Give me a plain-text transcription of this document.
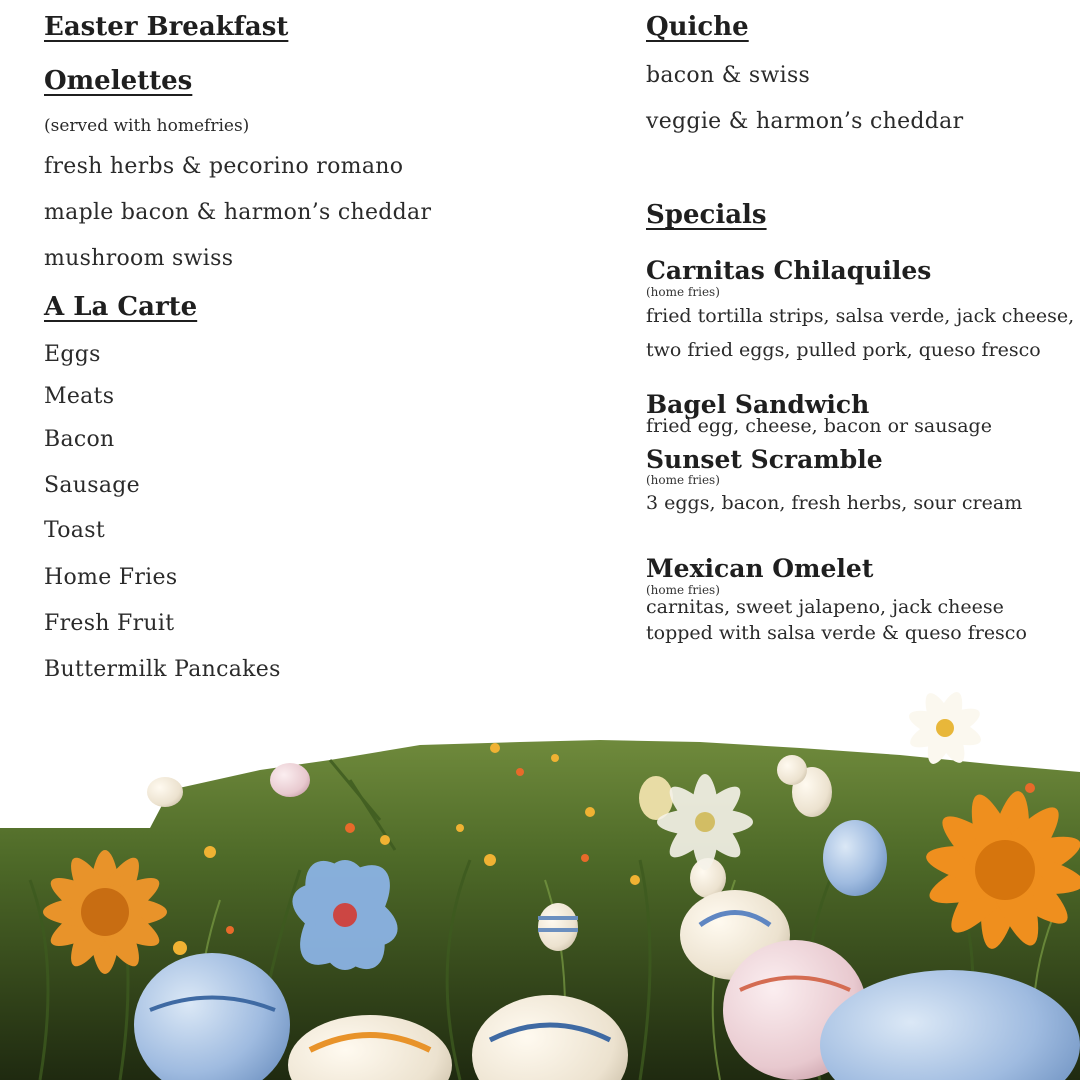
Easter Breakfast
Omelettes
(served with homefries)
fresh herbs & pecorino romano
maple bacon & harmon’s cheddar
mushroom swiss
A La Carte
Eggs
Meats
Bacon
Sausage
Toast
Home Fries
Fresh Fruit
Buttermilk Pancakes
Quiche
bacon & swiss
veggie & harmon’s cheddar
Specials
Carnitas Chilaquiles
(home fries)
fried tortilla strips, salsa verde, jack cheese,
two fried eggs, pulled pork, queso fresco
Bagel Sandwich
fried egg, cheese, bacon or sausage
Sunset Scramble
(home fries)
3 eggs, bacon, fresh herbs, sour cream
Mexican Omelet
(home fries)
carnitas, sweet jalapeno, jack cheese
topped with salsa verde & queso fresco
